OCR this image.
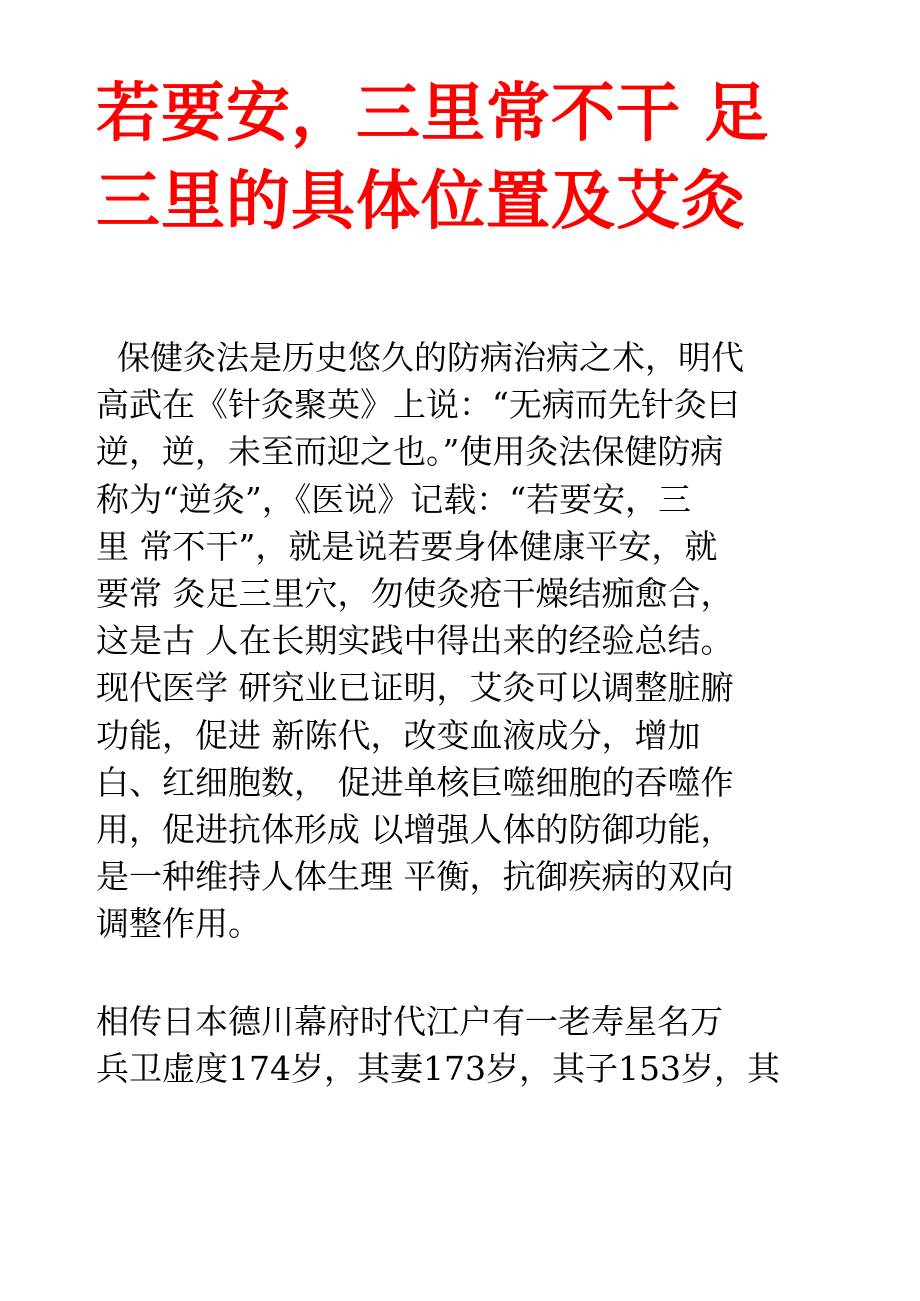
若要安，三里常不干 足
三里的具体位置及艾灸
保健灸法是历史悠久的防病治病之术，明代
高武在《针灸聚英》上说：“无病而先针灸曰
逆，逆，未至而迎之也。”使用灸法保健防病
称为“逆灸”，《医说》记载：“若要安，三
里 常不干”，就是说若要身体健康平安，就
要常 灸足三里穴，勿使灸疮干燥结痂愈合，
这是古 人在长期实践中得出来的经验总结。
现代医学 研究业已证明，艾灸可以调整脏腑
功能，促进 新陈代，改变血液成分，增加
白、红细胞数， 促进单核巨噬细胞的吞噬作
用，促进抗体形成 以增强人体的防御功能，
是一种维持人体生理 平衡，抗御疾病的双向
调整作用。
相传日本德川幕府时代江户有一老寿星名万
兵卫虚度174岁，其妻173岁，其子153岁，其
